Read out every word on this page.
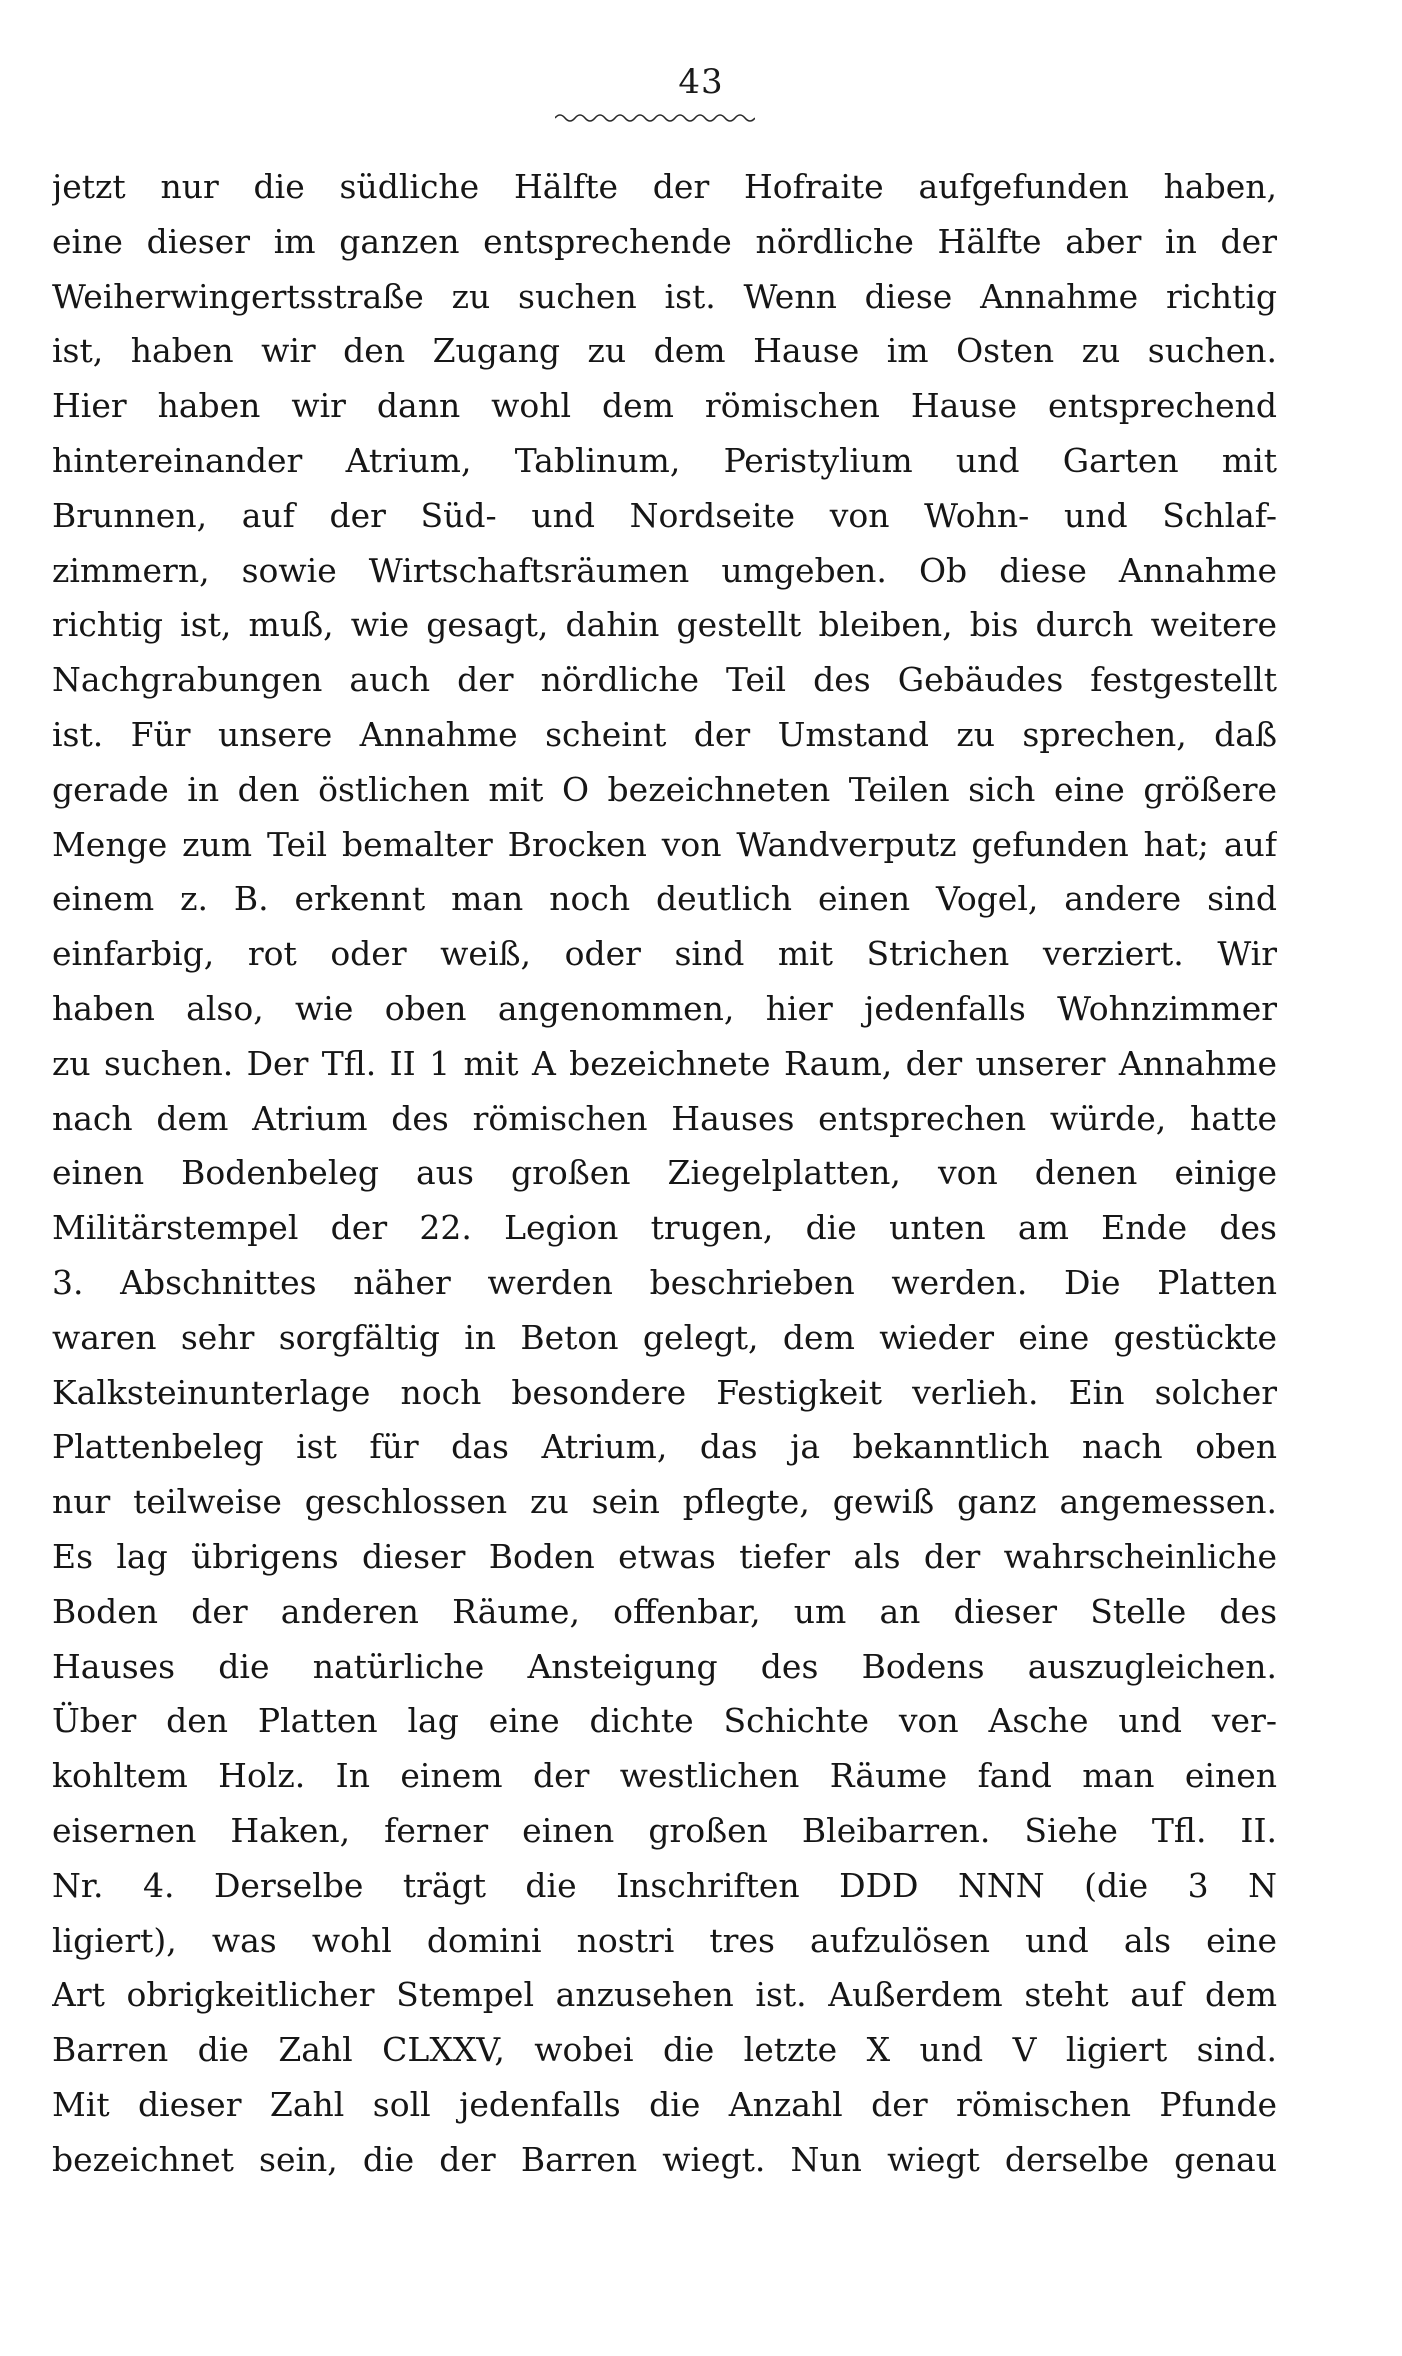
43
jetzt nur die südliche Hälfte der Hofraite aufgefunden haben,
eine dieser im ganzen entsprechende nördliche Hälfte aber in der
Weiherwingertsstraße zu suchen ist. Wenn diese Annahme richtig
ist, haben wir den Zugang zu dem Hause im Osten zu suchen.
Hier haben wir dann wohl dem römischen Hause entsprechend
hintereinander Atrium, Tablinum, Peristylium und Garten mit
Brunnen, auf der Süd- und Nordseite von Wohn- und Schlaf-
zimmern, sowie Wirtschaftsräumen umgeben. Ob diese Annahme
richtig ist, muß, wie gesagt, dahin gestellt bleiben, bis durch weitere
Nachgrabungen auch der nördliche Teil des Gebäudes festgestellt
ist. Für unsere Annahme scheint der Umstand zu sprechen, daß
gerade in den östlichen mit O bezeichneten Teilen sich eine größere
Menge zum Teil bemalter Brocken von Wandverputz gefunden hat; auf
einem z. B. erkennt man noch deutlich einen Vogel, andere sind
einfarbig, rot oder weiß, oder sind mit Strichen verziert. Wir
haben also, wie oben angenommen, hier jedenfalls Wohnzimmer
zu suchen. Der Tfl. II 1 mit A bezeichnete Raum, der unserer Annahme
nach dem Atrium des römischen Hauses entsprechen würde, hatte
einen Bodenbeleg aus großen Ziegelplatten, von denen einige
Militärstempel der 22. Legion trugen, die unten am Ende des
3. Abschnittes näher werden beschrieben werden. Die Platten
waren sehr sorgfältig in Beton gelegt, dem wieder eine gestückte
Kalksteinunterlage noch besondere Festigkeit verlieh. Ein solcher
Plattenbeleg ist für das Atrium, das ja bekanntlich nach oben
nur teilweise geschlossen zu sein pflegte, gewiß ganz angemessen.
Es lag übrigens dieser Boden etwas tiefer als der wahrscheinliche
Boden der anderen Räume, offenbar, um an dieser Stelle des
Hauses die natürliche Ansteigung des Bodens auszugleichen.
Über den Platten lag eine dichte Schichte von Asche und ver-
kohltem Holz. In einem der westlichen Räume fand man einen
eisernen Haken, ferner einen großen Bleibarren. Siehe Tfl. II.
Nr. 4. Derselbe trägt die Inschriften DDD NNN (die 3 N
ligiert), was wohl domini nostri tres aufzulösen und als eine
Art obrigkeitlicher Stempel anzusehen ist. Außerdem steht auf dem
Barren die Zahl CLXXV, wobei die letzte X und V ligiert sind.
Mit dieser Zahl soll jedenfalls die Anzahl der römischen Pfunde
bezeichnet sein, die der Barren wiegt. Nun wiegt derselbe genau
